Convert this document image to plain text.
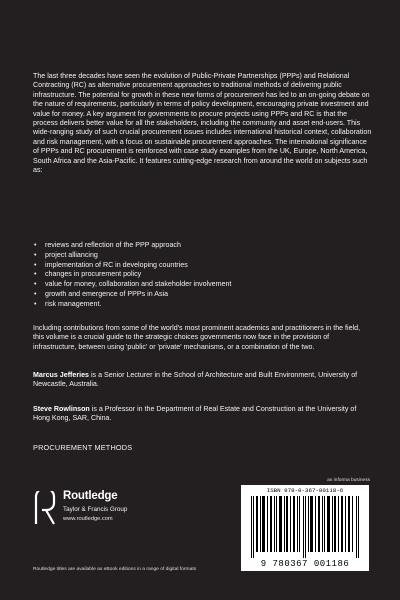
The last three decades have seen the evolution of Public-Private Partnerships (PPPs) and Relational Contracting (RC) as alternative procurement approaches to traditional methods of delivering public infrastructure. The potential for growth in these new forms of procurement has led to an on-going debate on the nature of requirements, particularly in terms of policy development, encouraging private investment and value for money. A key argument for governments to procure projects using PPPs and RC is that the process delivers better value for all the stakeholders, including the community and asset end-users. This wide-ranging study of such crucial procurement issues includes international historical context, collaboration and risk management, with a focus on sustainable procurement approaches. The international significance of PPPs and RC procurement is reinforced with case study examples from the UK, Europe, North America, South Africa and the Asia-Pacific. It features cutting-edge research from around the world on subjects such as:

• reviews and reflection of the PPP approach
• project alliancing
• implementation of RC in developing countries
• changes in procurement policy
• value for money, collaboration and stakeholder involvement
• growth and emergence of PPPs in Asia
• risk management.

Including contributions from some of the world's most prominent academics and practitioners in the field, this volume is a crucial guide to the strategic choices governments now face in the provision of infrastructure, between using 'public' or 'private' mechanisms, or a combination of the two.

Marcus Jefferies is a Senior Lecturer in the School of Architecture and Built Environment, University of Newcastle, Australia.

Steve Rowlinson is a Professor in the Department of Real Estate and Construction at the University of Hong Kong, SAR, China.

PROCUREMENT METHODS
an informa business
ISBN 978-0-367-00118-6
9 780367 001186
Routledge
Taylor & Francis Group
www.routledge.com
Routledge titles are available as eBook editions in a range of digital formats
